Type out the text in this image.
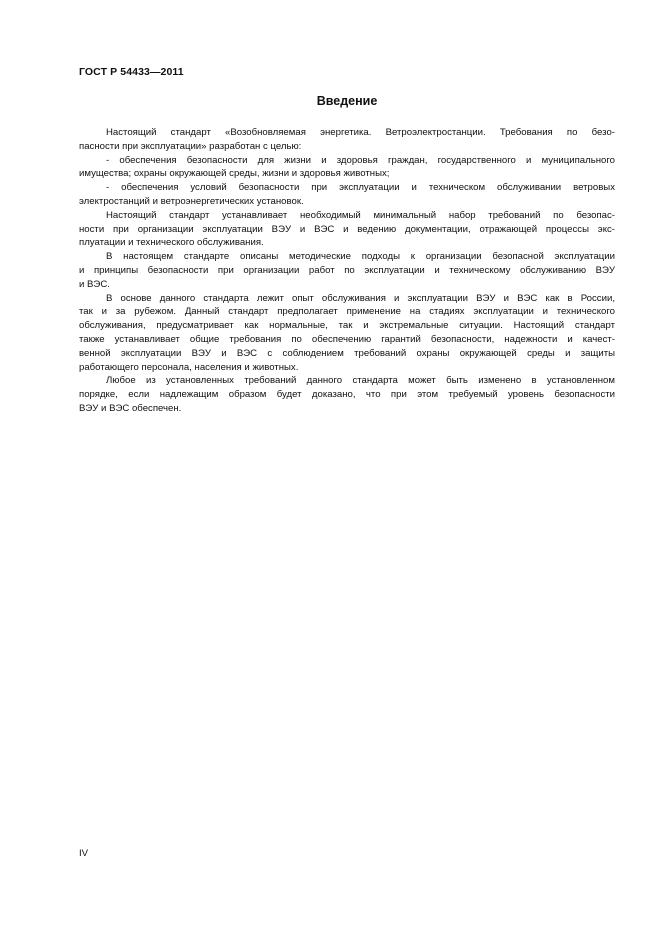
ГОСТ Р 54433—2011
Введение
Настоящий стандарт «Возобновляемая энергетика. Ветроэлектростанции. Требования по безо-
пасности при эксплуатации» разработан с целью:
- обеспечения безопасности для жизни и здоровья граждан, государственного и муниципального
имущества; охраны окружающей среды, жизни и здоровья животных;
- обеспечения условий безопасности при эксплуатации и техническом обслуживании ветровых
электростанций и ветроэнергетических установок.
Настоящий стандарт устанавливает необходимый минимальный набор требований по безопас-
ности при организации эксплуатации ВЭУ и ВЭС и ведению документации, отражающей процессы экс-
плуатации и технического обслуживания.
В настоящем стандарте описаны методические подходы к организации безопасной эксплуатации
и принципы безопасности при организации работ по эксплуатации и техническому обслуживанию ВЭУ
и ВЭС.
В основе данного стандарта лежит опыт обслуживания и эксплуатации ВЭУ и ВЭС как в России,
так и за рубежом. Данный стандарт предполагает применение на стадиях эксплуатации и технического
обслуживания, предусматривает как нормальные, так и экстремальные ситуации. Настоящий стандарт
также устанавливает общие требования по обеспечению гарантий безопасности, надежности и качест-
венной эксплуатации ВЭУ и ВЭС с соблюдением требований охраны окружающей среды и защиты
работающего персонала, населения и животных.
Любое из установленных требований данного стандарта может быть изменено в установленном
порядке, если надлежащим образом будет доказано, что при этом требуемый уровень безопасности
ВЭУ и ВЭС обеспечен.
IV
